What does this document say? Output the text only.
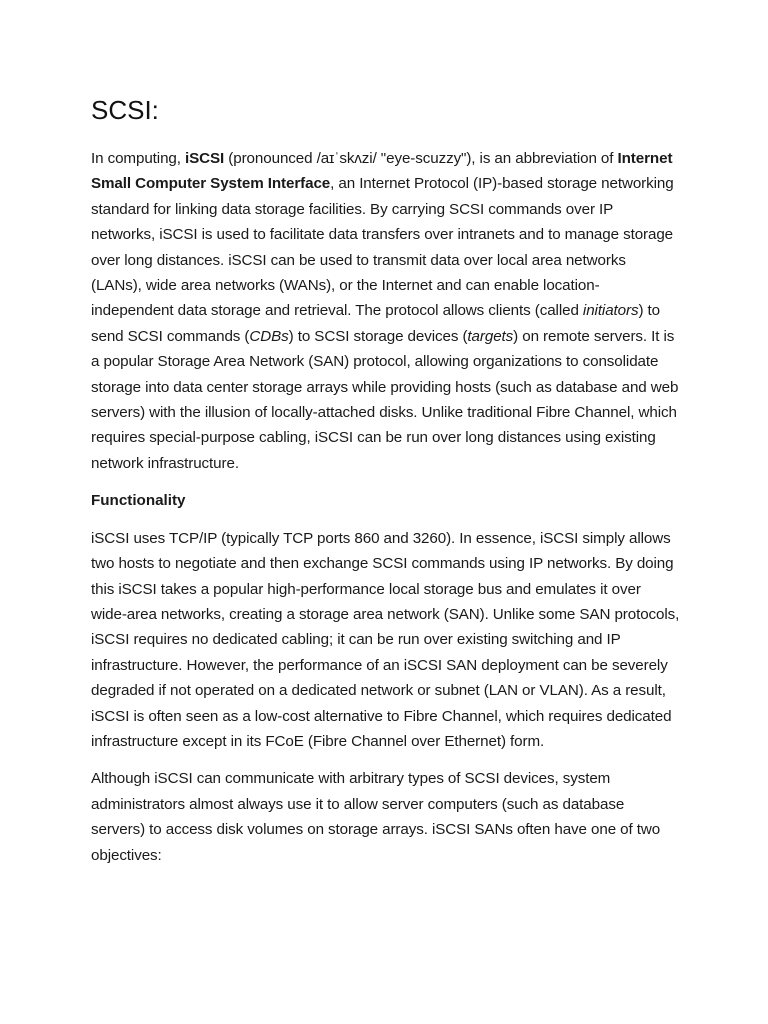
SCSI:

In computing, iSCSI (pronounced /aɪˈskʌzi/ "eye-scuzzy"), is an abbreviation of Internet Small Computer System Interface, an Internet Protocol (IP)-based storage networking standard for linking data storage facilities. By carrying SCSI commands over IP networks, iSCSI is used to facilitate data transfers over intranets and to manage storage over long distances. iSCSI can be used to transmit data over local area networks (LANs), wide area networks (WANs), or the Internet and can enable location-independent data storage and retrieval. The protocol allows clients (called initiators) to send SCSI commands (CDBs) to SCSI storage devices (targets) on remote servers. It is a popular Storage Area Network (SAN) protocol, allowing organizations to consolidate storage into data center storage arrays while providing hosts (such as database and web servers) with the illusion of locally-attached disks. Unlike traditional Fibre Channel, which requires special-purpose cabling, iSCSI can be run over long distances using existing network infrastructure.

Functionality

iSCSI uses TCP/IP (typically TCP ports 860 and 3260). In essence, iSCSI simply allows two hosts to negotiate and then exchange SCSI commands using IP networks. By doing this iSCSI takes a popular high-performance local storage bus and emulates it over wide-area networks, creating a storage area network (SAN). Unlike some SAN protocols, iSCSI requires no dedicated cabling; it can be run over existing switching and IP infrastructure. However, the performance of an iSCSI SAN deployment can be severely degraded if not operated on a dedicated network or subnet (LAN or VLAN). As a result, iSCSI is often seen as a low-cost alternative to Fibre Channel, which requires dedicated infrastructure except in its FCoE (Fibre Channel over Ethernet) form.

Although iSCSI can communicate with arbitrary types of SCSI devices, system administrators almost always use it to allow server computers (such as database servers) to access disk volumes on storage arrays. iSCSI SANs often have one of two objectives:
